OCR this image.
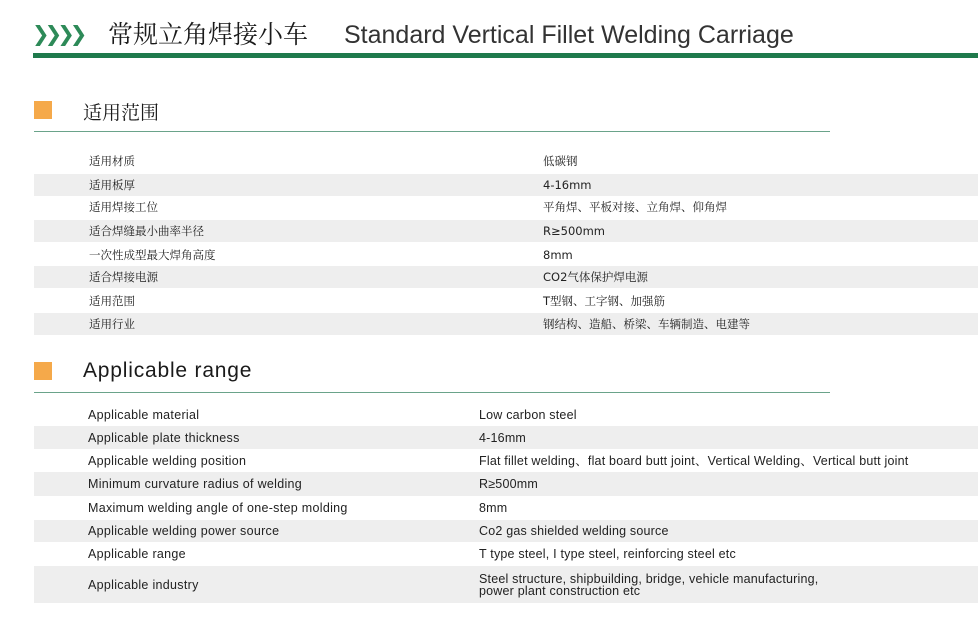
❯❯❯❯ 常规立角焊接小车 Standard Vertical Fillet Welding Carriage
适用范围
适用材质	低碳钢
适用板厚	4-16mm
适用焊接工位	平角焊、平板对接、立角焊、仰角焊
适合焊缝最小曲率半径	R≥500mm
一次性成型最大焊角高度	8mm
适合焊接电源	CO2气体保护焊电源
适用范围	T型钢、工字钢、加强筋
适用行业	钢结构、造船、桥梁、车辆制造、电建等
Applicable range
Applicable material	Low carbon steel
Applicable plate thickness	4-16mm
Applicable welding position	Flat fillet welding、flat board butt joint、Vertical Welding、Vertical butt joint
Minimum curvature radius of welding	R≥500mm
Maximum welding angle of one-step molding	8mm
Applicable welding power source	Co2 gas shielded welding source
Applicable range	T type steel, I type steel, reinforcing steel etc
Applicable industry	Steel structure, shipbuilding, bridge, vehicle manufacturing,
power plant construction etc
